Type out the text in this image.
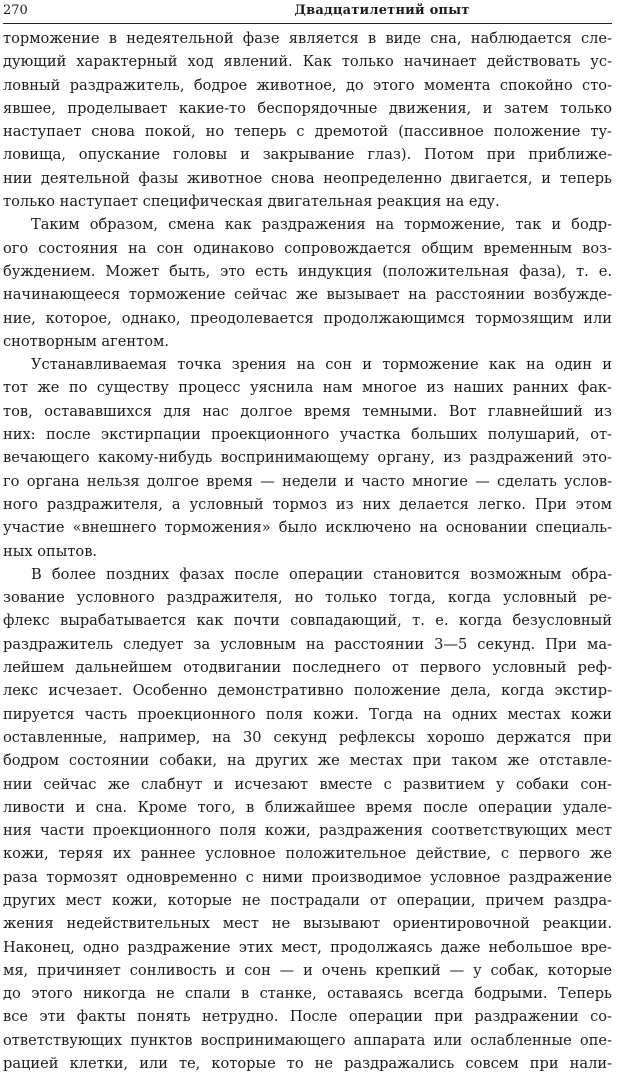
270	Двадцатилетний опыт
торможение в недеятельной фазе является в виде сна, наблюдается сле-
дующий характерный ход явлений. Как только начинает действовать ус-
ловный раздражитель, бодрое животное, до этого момента спокойно сто-
явшее, проделывает какие-то беспорядочные движения, и затем только
наступает снова покой, но теперь с дремотой (пассивное положение ту-
ловища, опускание головы и закрывание глаз). Потом при приближе-
нии деятельной фазы животное снова неопределенно двигается, и теперь
только наступает специфическая двигательная реакция на еду.
Таким образом, смена как раздражения на торможение, так и бодр-
ого состояния на сон одинаково сопровождается общим временным воз-
буждением. Может быть, это есть индукция (положительная фаза), т. е.
начинающееся торможение сейчас же вызывает на расстоянии возбужде-
ние, которое, однако, преодолевается продолжающимся тормозящим или
снотворным агентом.
Устанавливаемая точка зрения на сон и торможение как на один и
тот же по существу процесс уяснила нам многое из наших ранних фак-
тов, остававшихся для нас долгое время темными. Вот главнейший из
них: после экстирпации проекционного участка больших полушарий, от-
вечающего какому-нибудь воспринимающему органу, из раздражений это-
го органа нельзя долгое время — недели и часто многие — сделать услов-
ного раздражителя, а условный тормоз из них делается легко. При этом
участие «внешнего торможения» было исключено на основании специаль-
ных опытов.
В более поздних фазах после операции становится возможным обра-
зование условного раздражителя, но только тогда, когда условный ре-
флекс вырабатывается как почти совпадающий, т. е. когда безусловный
раздражитель следует за условным на расстоянии 3—5 секунд. При ма-
лейшем дальнейшем отодвигании последнего от первого условный реф-
лекс исчезает. Особенно демонстративно положение дела, когда экстир-
пируется часть проекционного поля кожи. Тогда на одних местах кожи
оставленные, например, на 30 секунд рефлексы хорошо держатся при
бодром состоянии собаки, на других же местах при таком же отставле-
нии сейчас же слабнут и исчезают вместе с развитием у собаки сон-
ливости и сна. Кроме того, в ближайшее время после операции удале-
ния части проекционного поля кожи, раздражения соответствующих мест
кожи, теряя их раннее условное положительное действие, с первого же
раза тормозят одновременно с ними производимое условное раздражение
других мест кожи, которые не пострадали от операции, причем раздра-
жения недействительных мест не вызывают ориентировочной реакции.
Наконец, одно раздражение этих мест, продолжаясь даже небольшое вре-
мя, причиняет сонливость и сон — и очень крепкий — у собак, которые
до этого никогда не спали в станке, оставаясь всегда бодрыми. Теперь
все эти факты понять нетрудно. После операции при раздражении со-
ответствующих пунктов воспринимающего аппарата или ослабленные опе-
рацией клетки, или те, которые то не раздражались совсем при нали-
